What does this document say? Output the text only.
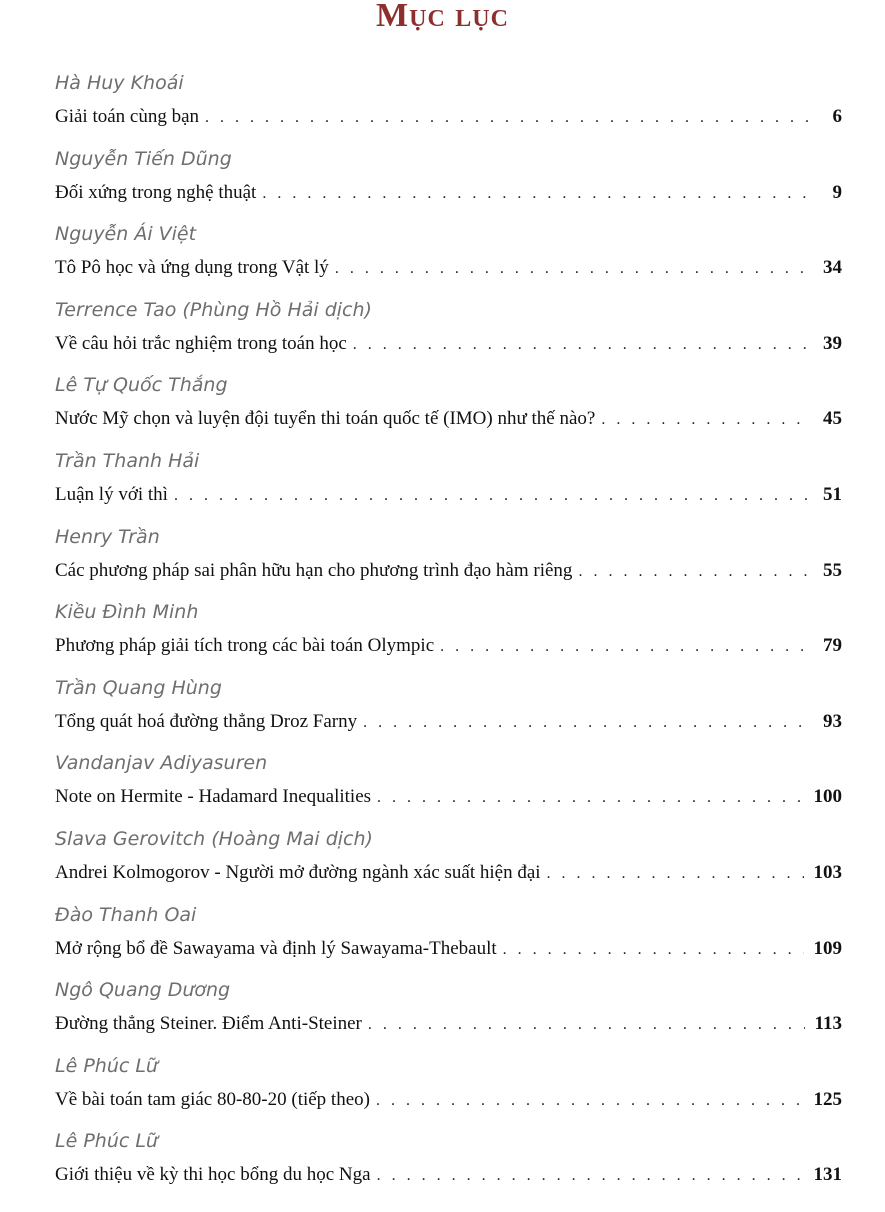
Mục lục
Hà Huy Khoái
Giải toán cùng bạn . . .	6
Nguyễn Tiến Dũng
Đối xứng trong nghệ thuật . . .	9
Nguyễn Ái Việt
Tô Pô học và ứng dụng trong Vật lý . . .	34
Terrence Tao (Phùng Hồ Hải dịch)
Về câu hỏi trắc nghiệm trong toán học . . .	39
Lê Tự Quốc Thắng
Nước Mỹ chọn và luyện đội tuyển thi toán quốc tế (IMO) như thế nào? . . .	45
Trần Thanh Hải
Luận lý với thì . . .	51
Henry Trần
Các phương pháp sai phân hữu hạn cho phương trình đạo hàm riêng . . .	55
Kiều Đình Minh
Phương pháp giải tích trong các bài toán Olympic . . .	79
Trần Quang Hùng
Tổng quát hoá đường thẳng Droz Farny . . .	93
Vandanjav Adiyasuren
Note on Hermite - Hadamard Inequalities . . .	100
Slava Gerovitch (Hoàng Mai dịch)
Andrei Kolmogorov - Người mở đường ngành xác suất hiện đại . . .	103
Đào Thanh Oai
Mở rộng bổ đề Sawayama và định lý Sawayama-Thebault . . .	109
Ngô Quang Dương
Đường thẳng Steiner. Điểm Anti-Steiner . . .	113
Lê Phúc Lữ
Về bài toán tam giác 80-80-20 (tiếp theo) . . .	125
Lê Phúc Lữ
Giới thiệu về kỳ thi học bổng du học Nga . . .	131
